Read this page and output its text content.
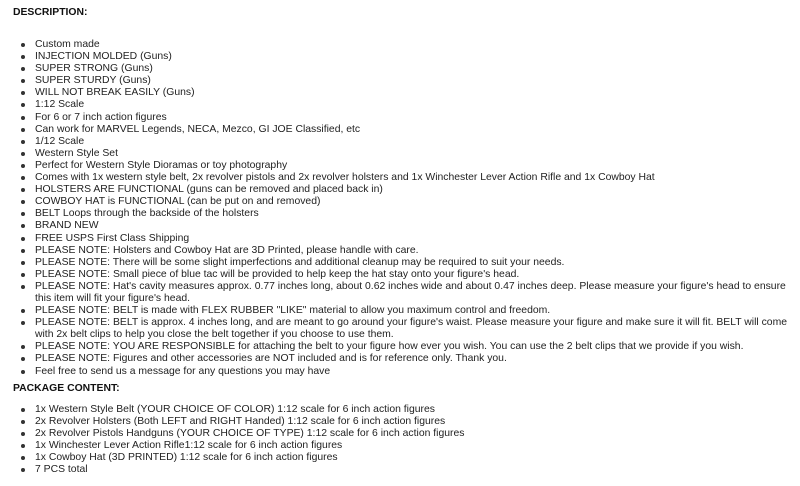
DESCRIPTION:

Custom made
INJECTION MOLDED (Guns)
SUPER STRONG (Guns)
SUPER STURDY (Guns)
WILL NOT BREAK EASILY (Guns)
1:12 Scale
For 6 or 7 inch action figures
Can work for MARVEL Legends, NECA, Mezco, GI JOE Classified, etc
1/12 Scale
Western Style Set
Perfect for Western Style Dioramas or toy photography
Comes with 1x western style belt, 2x revolver pistols and 2x revolver holsters and 1x Winchester Lever Action Rifle and 1x Cowboy Hat
HOLSTERS ARE FUNCTIONAL (guns can be removed and placed back in)
COWBOY HAT is FUNCTIONAL (can be put on and removed)
BELT Loops through the backside of the holsters
BRAND NEW
FREE USPS First Class Shipping
PLEASE NOTE: Holsters and Cowboy Hat are 3D Printed, please handle with care.
PLEASE NOTE: There will be some slight imperfections and additional cleanup may be required to suit your needs.
PLEASE NOTE: Small piece of blue tac will be provided to help keep the hat stay onto your figure's head.
PLEASE NOTE: Hat's cavity measures approx. 0.77 inches long, about 0.62 inches wide and about 0.47 inches deep. Please measure your figure's head to ensure this item will fit your figure's head.
PLEASE NOTE: BELT is made with FLEX RUBBER "LIKE" material to allow you maximum control and freedom.
PLEASE NOTE: BELT is approx. 4 inches long, and are meant to go around your figure's waist. Please measure your figure and make sure it will fit. BELT will come with 2x belt clips to help you close the belt together if you choose to use them.
PLEASE NOTE: YOU ARE RESPONSIBLE for attaching the belt to your figure how ever you wish. You can use the 2 belt clips that we provide if you wish.
PLEASE NOTE: Figures and other accessories are NOT included and is for reference only. Thank you.
Feel free to send us a message for any questions you may have

PACKAGE CONTENT:

1x Western Style Belt (YOUR CHOICE OF COLOR) 1:12 scale for 6 inch action figures
2x Revolver Holsters (Both LEFT and RIGHT Handed) 1:12 scale for 6 inch action figures
2x Revolver Pistols Handguns (YOUR CHOICE OF TYPE) 1:12 scale for 6 inch action figures
1x Winchester Lever Action Rifle1:12 scale for 6 inch action figures
1x Cowboy Hat (3D PRINTED) 1:12 scale for 6 inch action figures
7 PCS total
